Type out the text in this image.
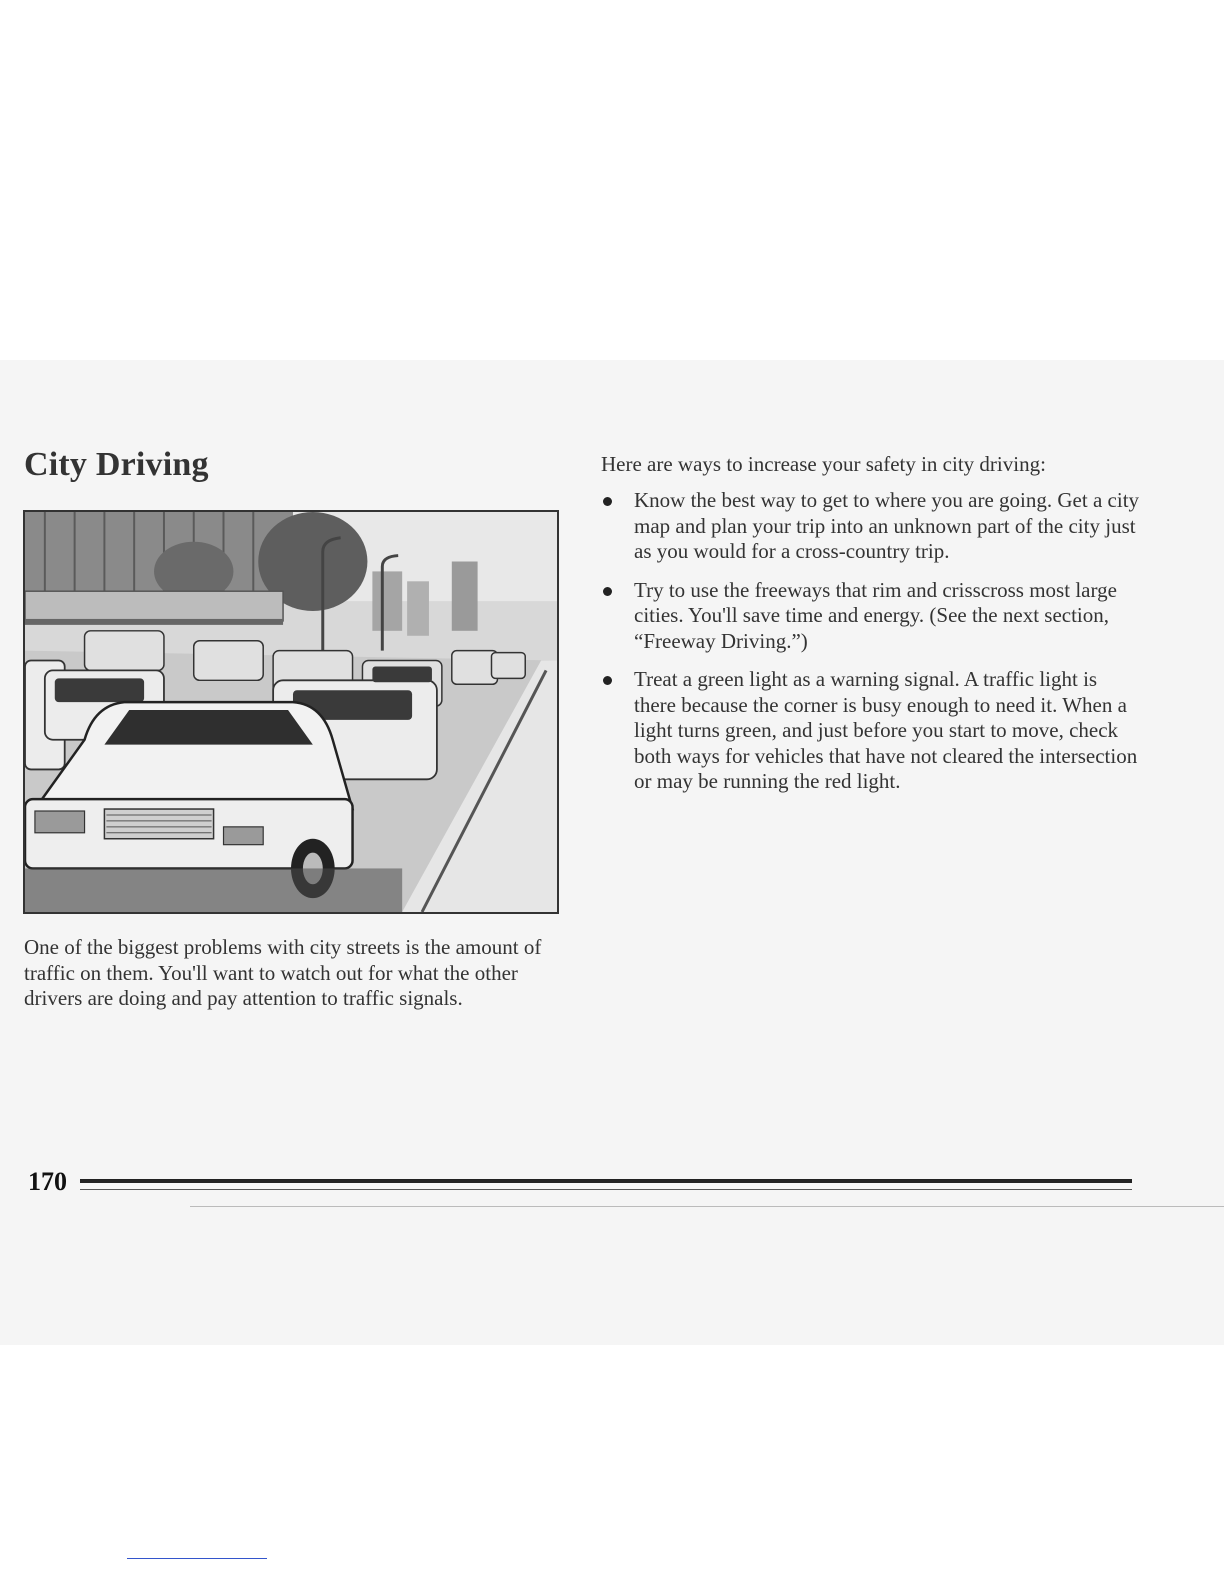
City Driving

One of the biggest problems with city streets is the amount of traffic on them. You'll want to watch out for what the other drivers are doing and pay attention to traffic signals.

Here are ways to increase your safety in city driving:

Know the best way to get to where you are going. Get a city map and plan your trip into an unknown part of the city just as you would for a cross-country trip.
Try to use the freeways that rim and crisscross most large cities. You'll save time and energy. (See the next section, “Freeway Driving.”)
Treat a green light as a warning signal. A traffic light is there because the corner is busy enough to need it. When a light turns green, and just before you start to move, check both ways for vehicles that have not cleared the intersection or may be running the red light.
170
